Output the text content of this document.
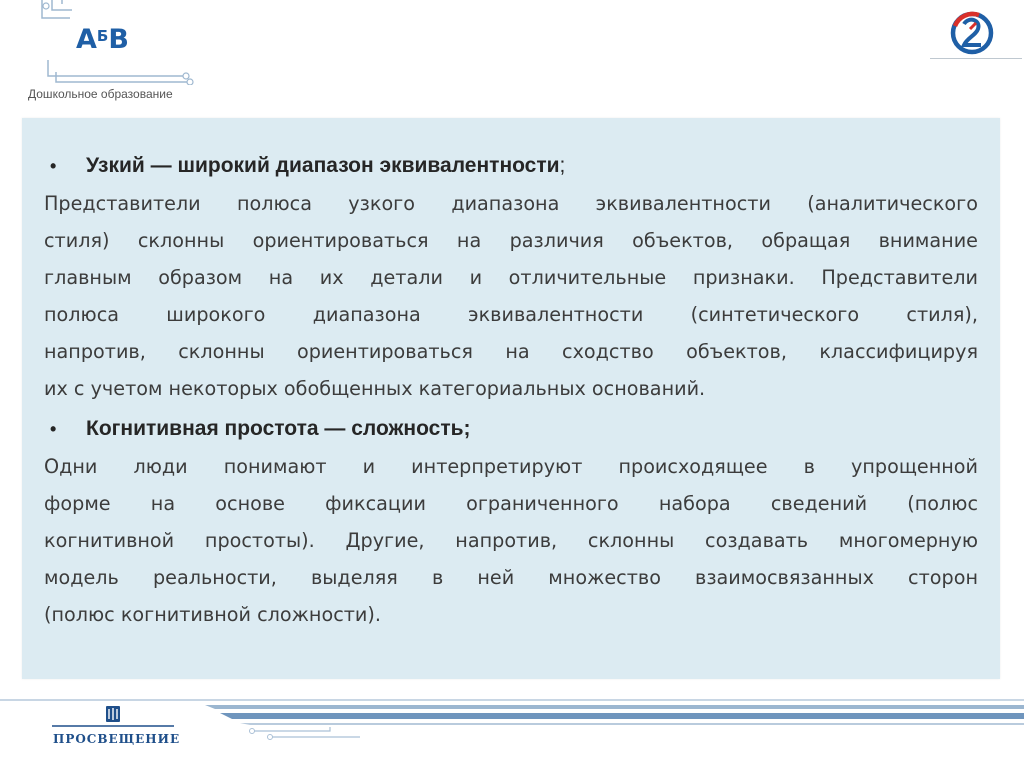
$А^БВ$
Дошкольное образование
•	Узкий — широкий диапазон эквивалентности;

Представители полюса узкого диапазона эквивалентности (аналитического
стиля) склонны ориентироваться на различия объектов, обращая внимание
главным образом на их детали и отличительные признаки. Представители
полюса широкого диапазона эквивалентности (синтетического стиля),
напротив, склонны ориентироваться на сходство объектов, классифицируя
их с учетом некоторых обобщенных категориальных оснований.

•	Когнитивная простота — сложность;

Одни люди понимают и интерпретируют происходящее в упрощенной
форме на основе фиксации ограниченного набора сведений (полюс
когнитивной простоты). Другие, напротив, склонны создавать многомерную
модель реальности, выделяя в ней множество взаимосвязанных сторон
(полюс когнитивной сложности).

ПРОСВЕЩЕНИЕ
